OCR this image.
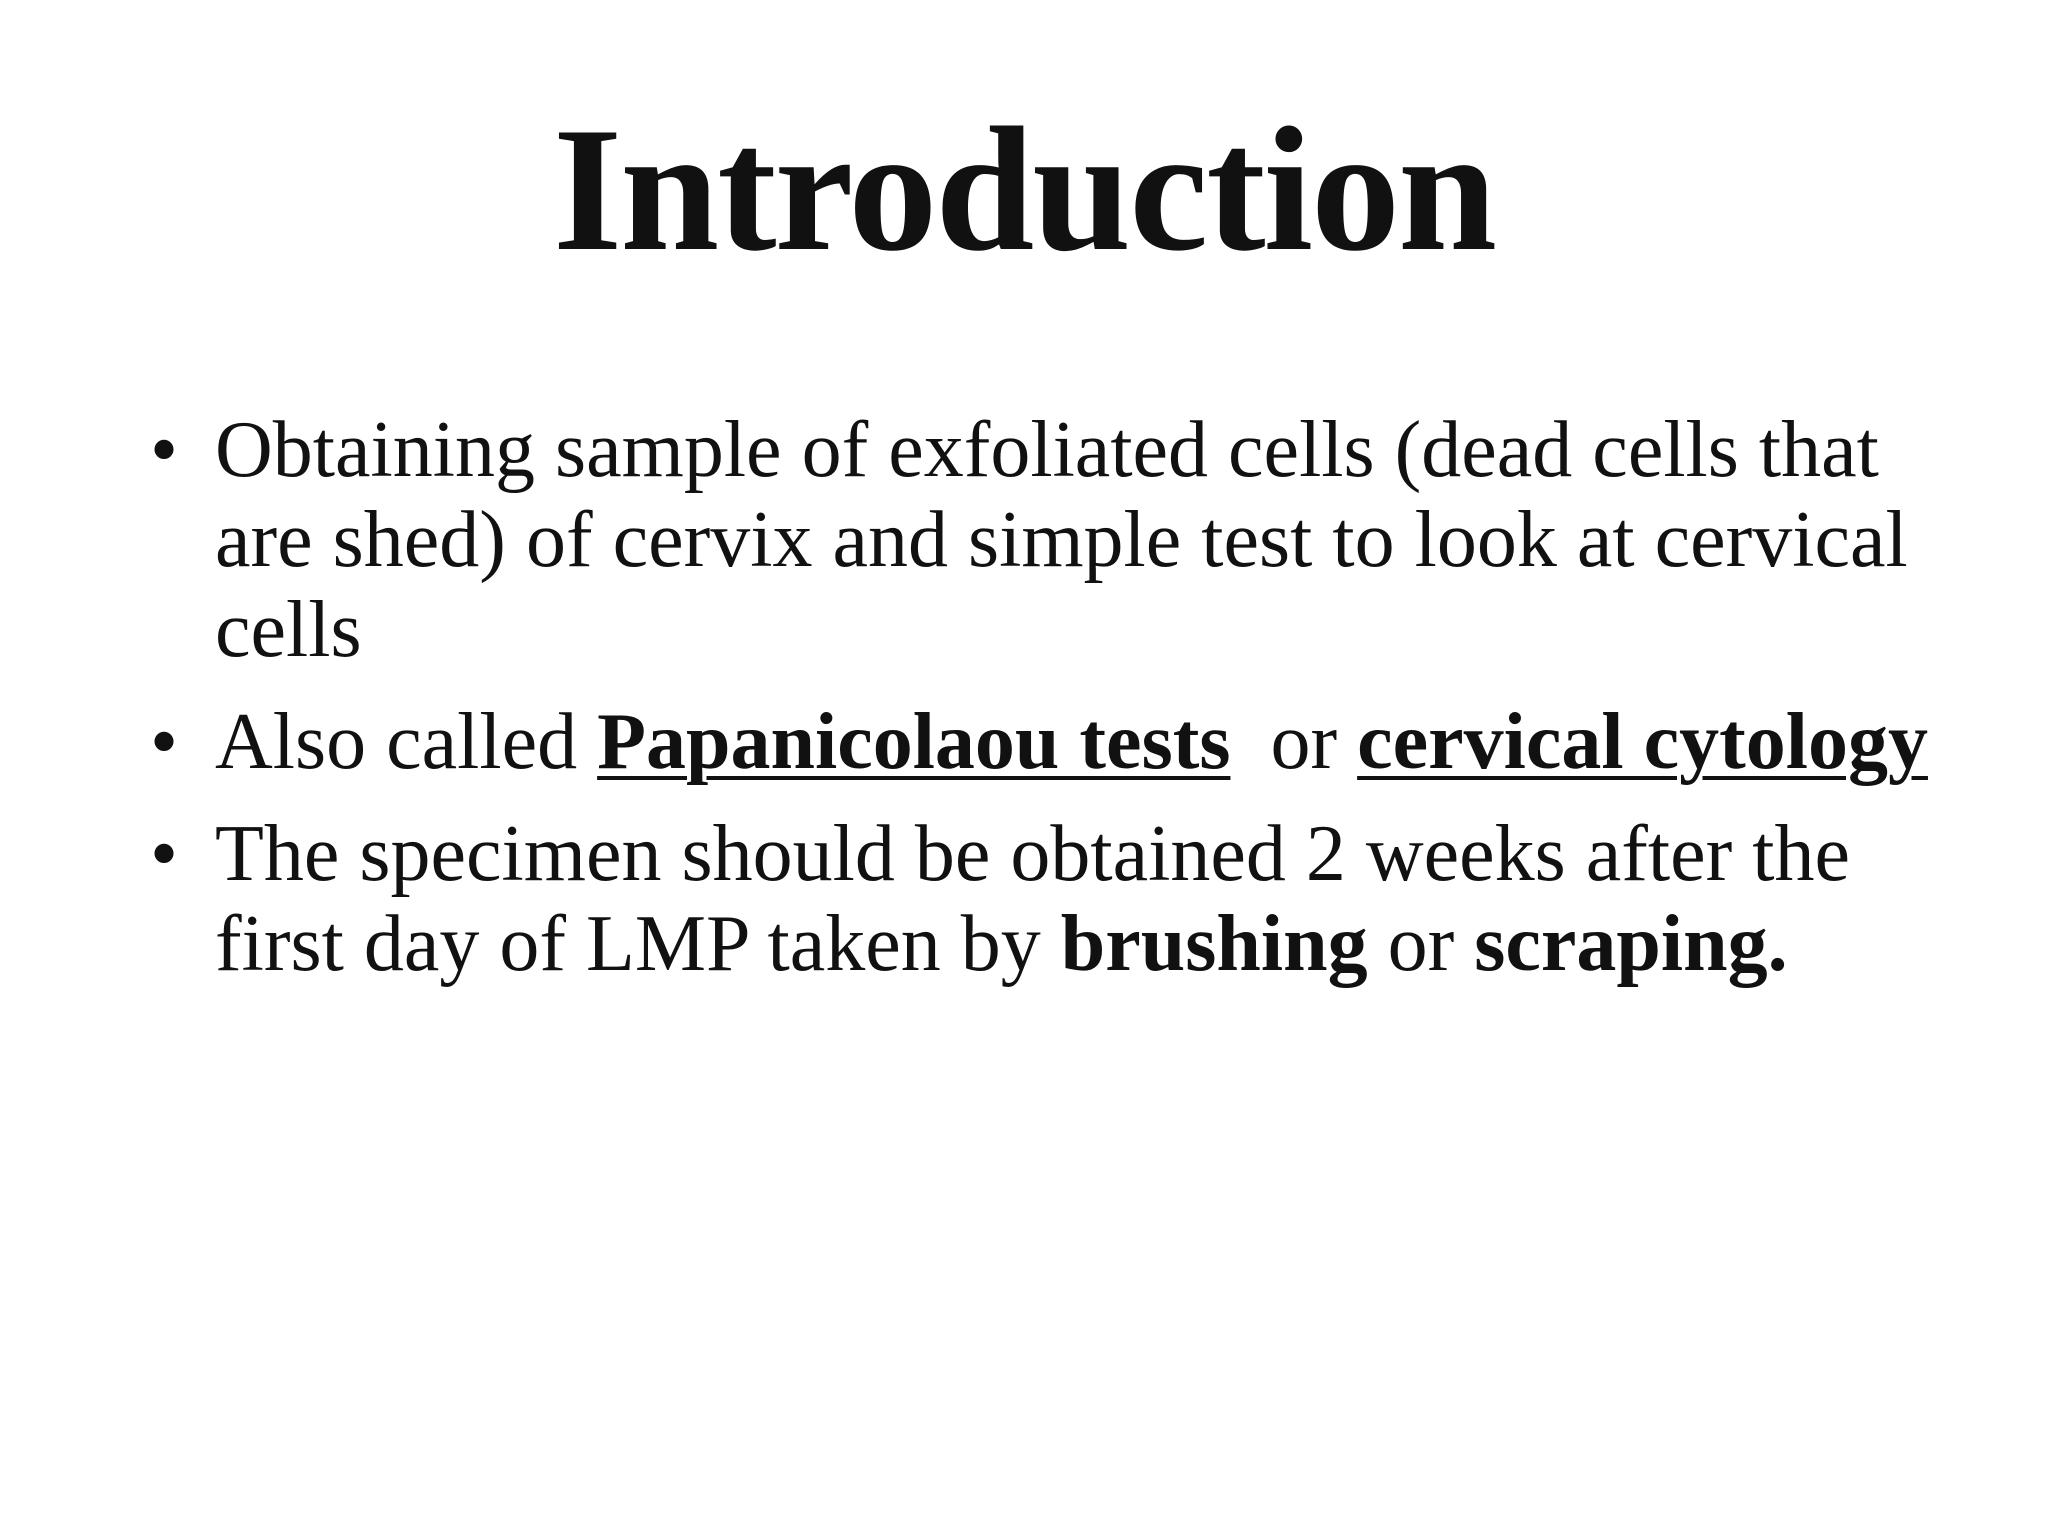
Introduction
• Obtaining sample of exfoliated cells (dead cells that are shed) of cervix and simple test to look at cervical cells
• Also called Papanicolaou tests  or cervical cytology
• The specimen should be obtained 2 weeks after the first day of LMP taken by brushing or scraping.
